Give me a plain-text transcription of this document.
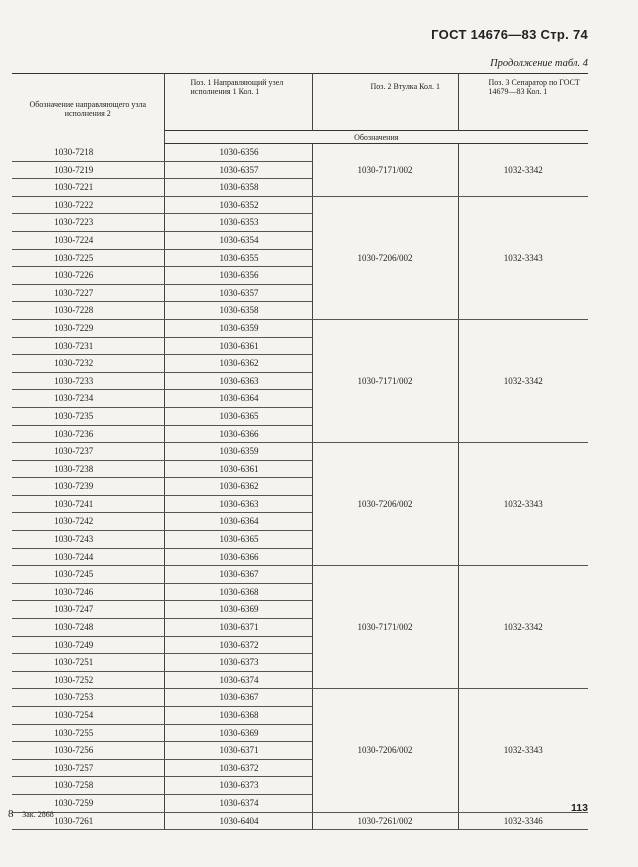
ГОСТ 14676—83 Стр. 74
Продолжение табл. 4
Обозначение направляющего узла исполнения 2	Поз. 1 Направляющий узел исполнения 1 Кол. 1	Поз. 2 Втулка Кол. 1	Поз. 3 Сепаратор по ГОСТ 14679—83 Кол. 1
	Обозначения		
1030-7218	1030-6356	1030-7171/002	1032-3342
1030-7219	1030-6357		
1030-7221	1030-6358		
1030-7222	1030-6352	1030-7206/002	1032-3343
1030-7223	1030-6353		
1030-7224	1030-6354		
1030-7225	1030-6355		
1030-7226	1030-6356		
1030-7227	1030-6357		
1030-7228	1030-6358		
1030-7229	1030-6359	1030-7171/002	1032-3342
1030-7231	1030-6361		
1030-7232	1030-6362		
1030-7233	1030-6363		
1030-7234	1030-6364		
1030-7235	1030-6365		
1030-7236	1030-6366		
1030-7237	1030-6359	1030-7206/002	1032-3343
1030-7238	1030-6361		
1030-7239	1030-6362		
1030-7241	1030-6363		
1030-7242	1030-6364		
1030-7243	1030-6365		
1030-7244	1030-6366		
1030-7245	1030-6367	1030-7171/002	1032-3342
1030-7246	1030-6368		
1030-7247	1030-6369		
1030-7248	1030-6371		
1030-7249	1030-6372		
1030-7251	1030-6373		
1030-7252	1030-6374		
1030-7253	1030-6367	1030-7206/002	1032-3343
1030-7254	1030-6368		
1030-7255	1030-6369		
1030-7256	1030-6371		
1030-7257	1030-6372		
1030-7258	1030-6373		
1030-7259	1030-6374		
1030-7261	1030-6404	1030-7261/002	1032-3346
8 Зак. 2868
113
